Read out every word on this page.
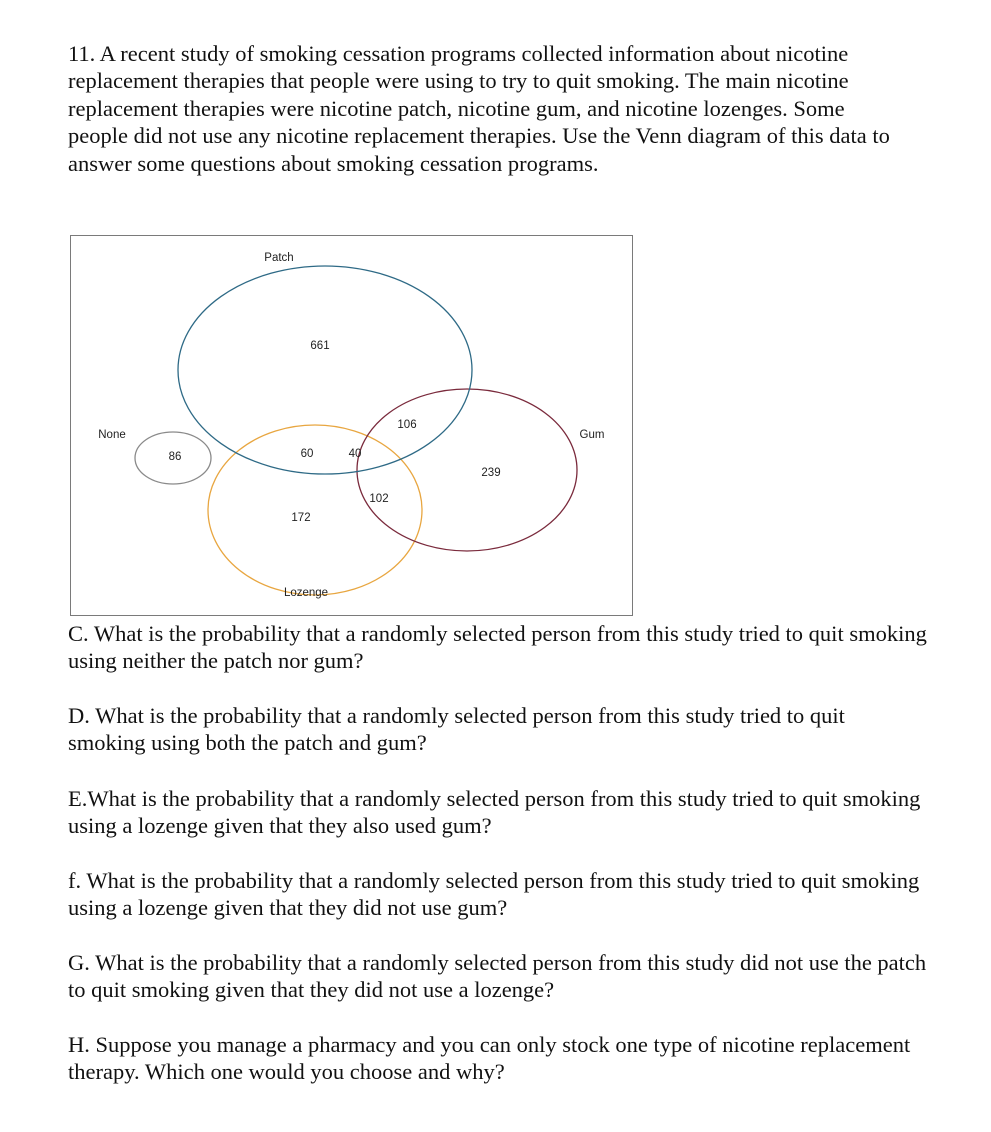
11. A recent study of smoking cessation programs collected information about nicotine replacement therapies that people were using to try to quit smoking. The main nicotine replacement therapies were nicotine patch, nicotine gum, and nicotine lozenges. Some people did not use any nicotine replacement therapies. Use the Venn diagram of this data to answer some questions about smoking cessation programs.

Patch
Gum
Lozenge
None
661
106
60	40
239
102
172
86

C. What is the probability that a randomly selected person from this study tried to quit smoking using neither the patch nor gum?

D. What is the probability that a randomly selected person from this study tried to quit smoking using both the patch and gum?

E.What is the probability that a randomly selected person from this study tried to quit smoking using a lozenge given that they also used gum?

f. What is the probability that a randomly selected person from this study tried to quit smoking using a lozenge given that they did not use gum?

G. What is the probability that a randomly selected person from this study did not use the patch to quit smoking given that they did not use a lozenge?

H. Suppose you manage a pharmacy and you can only stock one type of nicotine replacement therapy. Which one would you choose and why?
